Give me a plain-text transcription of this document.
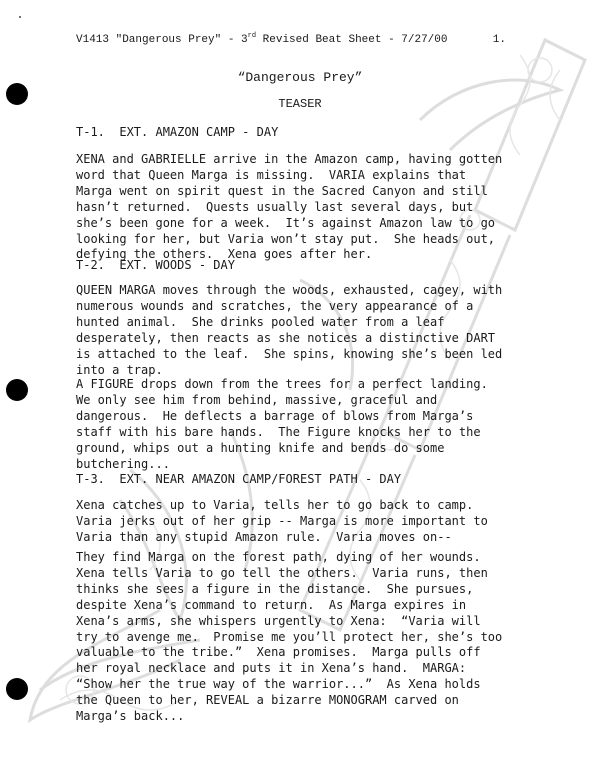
V1413 "Dangerous Prey" - 3rd Revised Beat Sheet - 7/27/00	1.
“Dangerous Prey”
TEASER
T-1.  EXT. AMAZON CAMP - DAY
XENA and GABRIELLE arrive in the Amazon camp, having gotten
word that Queen Marga is missing.  VARIA explains that
Marga went on spirit quest in the Sacred Canyon and still
hasn’t returned.  Quests usually last several days, but
she’s been gone for a week.  It’s against Amazon law to go
looking for her, but Varia won’t stay put.  She heads out,
defying the others.  Xena goes after her.
T-2.  EXT. WOODS - DAY
QUEEN MARGA moves through the woods, exhausted, cagey, with
numerous wounds and scratches, the very appearance of a
hunted animal.  She drinks pooled water from a leaf
desperately, then reacts as she notices a distinctive DART
is attached to the leaf.  She spins, knowing she’s been led
into a trap.
A FIGURE drops down from the trees for a perfect landing.
We only see him from behind, massive, graceful and
dangerous.  He deflects a barrage of blows from Marga’s
staff with his bare hands.  The Figure knocks her to the
ground, whips out a hunting knife and bends do some
butchering...
T-3.  EXT. NEAR AMAZON CAMP/FOREST PATH - DAY
Xena catches up to Varia, tells her to go back to camp.
Varia jerks out of her grip -- Marga is more important to
Varia than any stupid Amazon rule.  Varia moves on--
They find Marga on the forest path, dying of her wounds.
Xena tells Varia to go tell the others.  Varia runs, then
thinks she sees a figure in the distance.  She pursues,
despite Xena’s command to return.  As Marga expires in
Xena’s arms, she whispers urgently to Xena:  “Varia will
try to avenge me.  Promise me you’ll protect her, she’s too
valuable to the tribe.”  Xena promises.  Marga pulls off
her royal necklace and puts it in Xena’s hand.  MARGA:
“Show her the true way of the warrior...”  As Xena holds
the Queen to her, REVEAL a bizarre MONOGRAM carved on
Marga’s back...
